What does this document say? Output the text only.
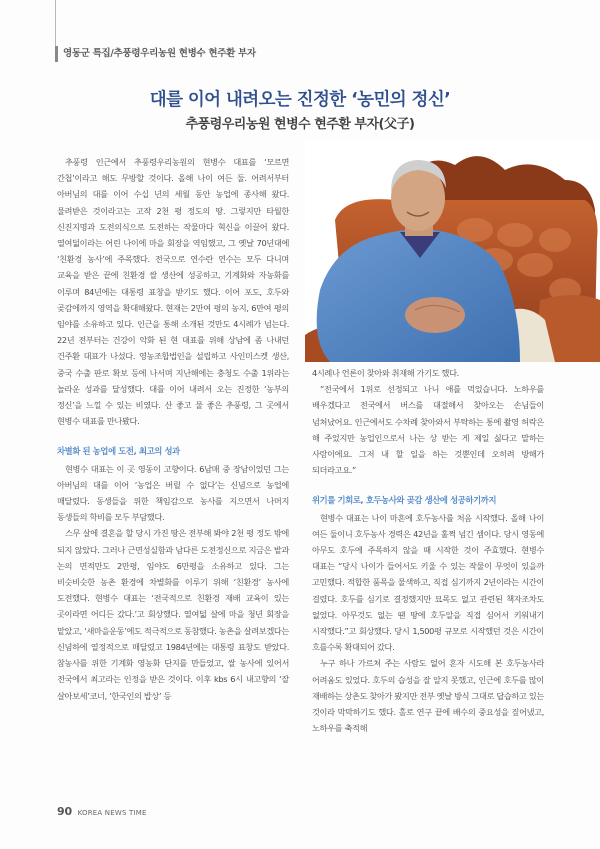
영동군 특집/추풍령우리농원 현병수 현주환 부자
대를 이어 내려오는 진정한 ‘농민의 정신’
추풍령우리농원 현병수 현주환 부자(父子)

추풍령 인근에서 추풍령우리농원의 현병수 대표를 ‘모르면 간첩’이라고 해도 무방할 것이다. 올해 나이 여든 둘. 어려서부터 아버님의 대를 이어 수십 년의 세월 동안 농업에 종사해 왔다. 물려받은 것이라고는 고작 2천 평 정도의 땅. 그렇지만 타월한 신진지명과 도전의식으로 도전하는 작물마다 혁신을 이끌어 왔다. 열여덟이라는 어린 나이에 마을 회장을 역임했고, 그 옛날 70년대에 ‘친환경 농사’에 주목했다. 전국으로 연수란 연수는 모두 다니며 교육을 받은 끝에 친환경 쌀 생산에 성공하고, 기계화와 자농화를 이루며 84년에는 대통령 표창을 받기도 했다. 이어 포도, 호두와 곶감에까지 영역을 확대해왔다. 현재는 2만여 평의 농지, 6만여 평의 임야를 소유하고 있다. 인근을 통해 소개된 것만도 4시례가 넘는다. 22년 전부터는 건강이 악화 된 현 대표를 위해 상남에 좀 나내던 건주환 대표가 나섰다. 영농조합법인을 설립하고 사인미스켓 생산, 중국 수출 판로 확보 등에 나서며 지난해에는 충청도 수출 1위라는 놀라운 성과를 달성했다. 대를 이어 내려서 오는 진정한 ‘농부의 정신’을 느낄 수 있는 비였다. 산 좋고 물 좋은 추풍령, 그 곳에서 현병수 대표를 만나봤다.

차별화 된 농업에 도전, 최고의 성과

현병수 대표는 이 곳 영동이 고향이다. 6남매 중 장남이었던 그는 아버님의 대를 이어 ‘농업은 버릴 수 없다’는 신념으로 농업에 매달렸다. 동생들을 위한 책임감으로 농사를 지으면서 나머지 동생들의 학비를 모두 부담했다.

스무 살에 결혼을 할 당시 가진 땅은 전부해 봐야 2천 평 정도 밖에 되지 않았다. 그러나 근면성실함과 남다른 도전정신으로 지금은 밭과 논의 면적만도 2만평, 임야도 6만평을 소유하고 있다. 그는 비슷비슷한 농촌 환경에 차별화를 이루기 위해 ‘친환경’ 농사에 도전했다. 현병수 대표는 ‘전국적으로 친환경 재배 교육이 있는 곳이라면 어디든 갔다.’고 회상했다. 열여덟 살에 마을 청년 회장을 맡았고, ‘새마을운동’에도 적극적으로 동참했다. 농촌을 살려보겠다는 신념하에 열정적으로 매달렸고 1984년에는 대통령 표창도 받았다. 참농사를 위한 기계화 영농화 단지를 만들었고, 쌀 농사에 있어서 전국에서 최고라는 인정을 받은 것이다. 이후 kbs 6시 내고향의 ‘잘 살아보세’코너, ‘한국인의 밥상’ 등

4시례나 언론이 찾아와 취재해 가기도 했다.

“전국에서 1위로 선정되고 나니 애를 먹었습니다. 노하우를 배우겠다고 전국에서 버스를 대절해서 찾아오는 손님들이 넘쳐났어요. 인근에서도 수차례 찾아와서 부탁하는 통에 촬영 허락은 해 주었지만 농업인으로서 나는 상 받는 게 제일 싫다고 말하는 사람이에요. 그저 내 할 일을 하는 것뿐인데 오히려 방해가 되더라고요.”

위기를 기회로, 호두농사와 곶감 생산에 성공하기까지

현병수 대표는 나이 마흔에 호두농사를 처음 시작했다. 올해 나이 여든 둘이니 호두농사 경력은 42년을 훌쩍 넘긴 셈이다. 당시 영동에 아무도 호두에 주목하지 않을 때 시작한 것이 주효했다. 현병수 대표는 “당시 나이가 들어서도 키울 수 있는 작물이 무엇이 있을까 고민했다. 적합한 품목을 물색하고, 직접 심기까지 2년이라는 시간이 걸렸다. 호두를 심기로 결정했지만 묘목도 없고 관련된 책자조차도 없었다. 아무것도 없는 땐 땅에 호두알을 직접 심어서 키워내기 시작했다.”고 회상했다. 당시 1,500평 규모로 시작했던 것은 시간이 흐를수록 확대되어 갔다.

누구 하나 가르쳐 주는 사람도 없어 혼자 시도해 본 호두농사라 어려움도 있었다. 호두의 습성을 잘 알지 못했고, 인근에 호두를 많이 재배하는 상촌도 찾아가 봤지만 전부 옛날 방식 그대로 답습하고 있는 것이라 막막하기도 했다. 홀로 연구 끝에 배수의 중요성을 짚어냈고, 노하우를 축적해

90 KOREA NEWS TIME
